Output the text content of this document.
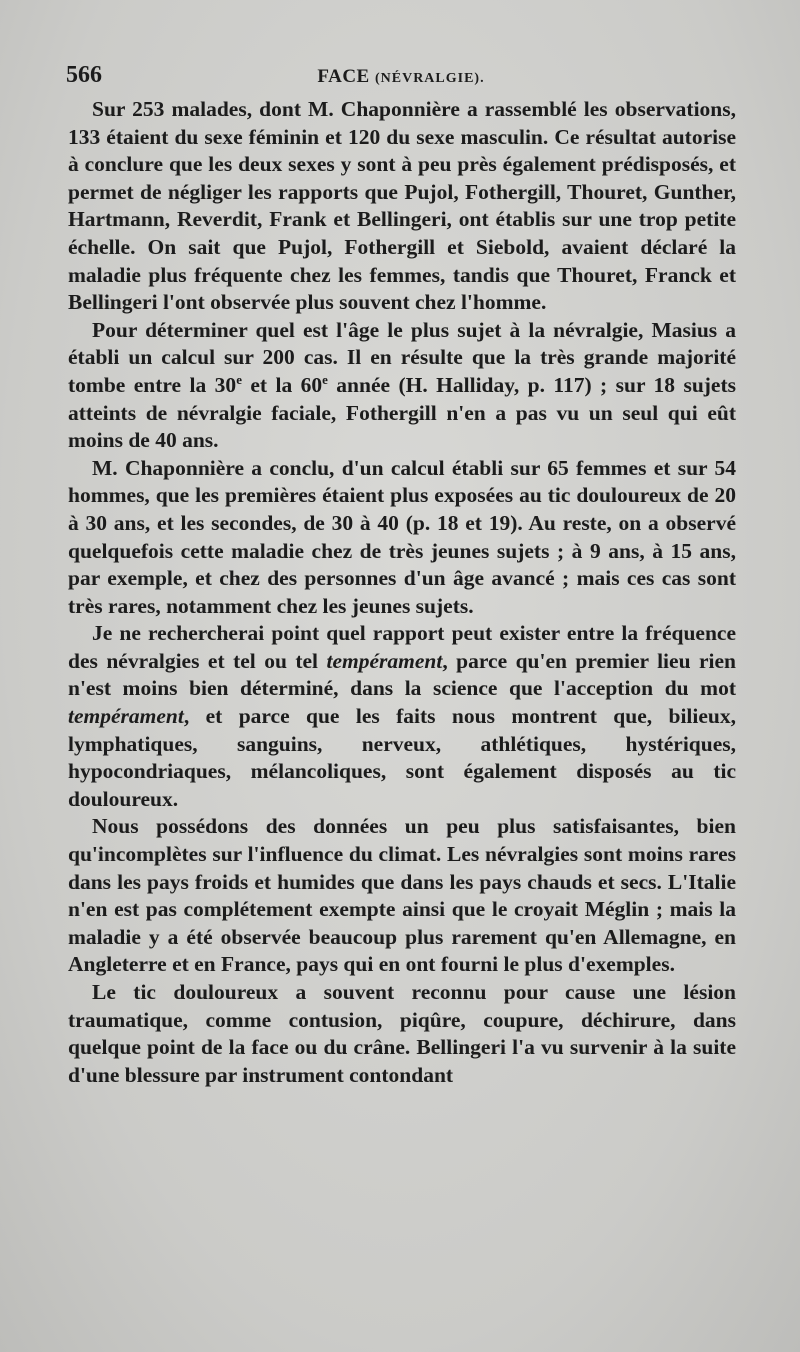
566	FACE (NÉVRALGIE).

Sur 253 malades, dont M. Chaponnière a rassemblé les observations, 133 étaient du sexe féminin et 120 du sexe masculin. Ce résultat autorise à conclure que les deux sexes y sont à peu près également prédisposés, et permet de négliger les rapports que Pujol, Fothergill, Thouret, Gunther, Hartmann, Reverdit, Frank et Bellingeri, ont établis sur une trop petite échelle. On sait que Pujol, Fothergill et Siebold, avaient déclaré la maladie plus fréquente chez les femmes, tandis que Thouret, Franck et Bellingeri l'ont observée plus souvent chez l'homme.

Pour déterminer quel est l'âge le plus sujet à la névralgie, Masius a établi un calcul sur 200 cas. Il en résulte que la très grande majorité tombe entre la 30e et la 60e année (H. Halliday, p. 117) ; sur 18 sujets atteints de névralgie faciale, Fothergill n'en a pas vu un seul qui eût moins de 40 ans.

M. Chaponnière a conclu, d'un calcul établi sur 65 femmes et sur 54 hommes, que les premières étaient plus exposées au tic douloureux de 20 à 30 ans, et les secondes, de 30 à 40 (p. 18 et 19). Au reste, on a observé quelquefois cette maladie chez de très jeunes sujets ; à 9 ans, à 15 ans, par exemple, et chez des personnes d'un âge avancé ; mais ces cas sont très rares, notamment chez les jeunes sujets.

Je ne rechercherai point quel rapport peut exister entre la fréquence des névralgies et tel ou tel tempérament, parce qu'en premier lieu rien n'est moins bien déterminé, dans la science que l'acception du mot tempérament, et parce que les faits nous montrent que, bilieux, lymphatiques, sanguins, nerveux, athlétiques, hystériques, hypocondriaques, mélancoliques, sont également disposés au tic douloureux.

Nous possédons des données un peu plus satisfaisantes, bien qu'incomplètes sur l'influence du climat. Les névralgies sont moins rares dans les pays froids et humides que dans les pays chauds et secs. L'Italie n'en est pas complétement exempte ainsi que le croyait Méglin ; mais la maladie y a été observée beaucoup plus rarement qu'en Allemagne, en Angleterre et en France, pays qui en ont fourni le plus d'exemples.

Le tic douloureux a souvent reconnu pour cause une lésion traumatique, comme contusion, piqûre, coupure, déchirure, dans quelque point de la face ou du crâne. Bellingeri l'a vu survenir à la suite d'une blessure par instrument contondant
